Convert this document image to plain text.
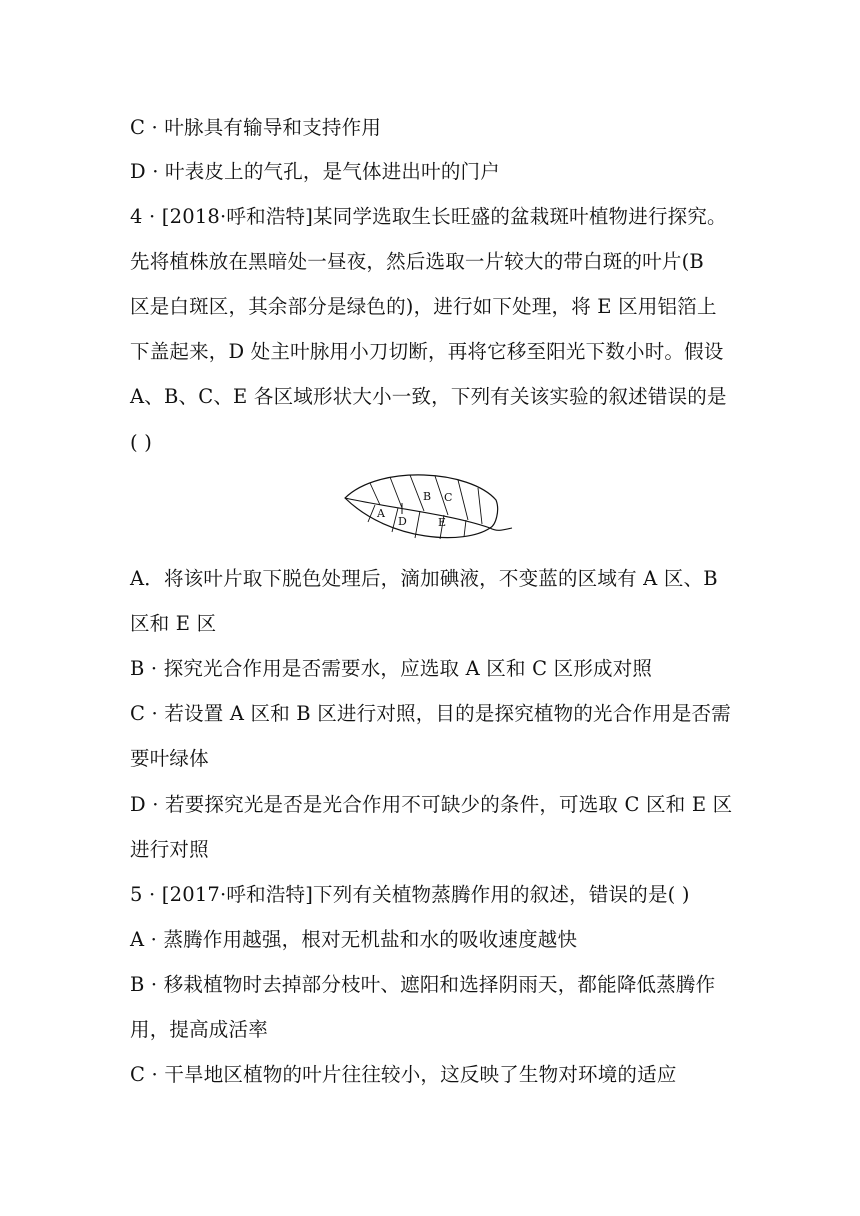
C · 叶脉具有输导和支持作用
D · 叶表皮上的气孔，是气体进出叶的门户
4 · [2018·呼和浩特]某同学选取生长旺盛的盆栽斑叶植物进行探究。
先将植株放在黑暗处一昼夜，然后选取一片较大的带白斑的叶片(B
区是白斑区，其余部分是绿色的)，进行如下处理，将 E 区用铝箔上
下盖起来，D 处主叶脉用小刀切断，再将它移至阳光下数小时。假设
A、B、C、E 各区域形状大小一致，下列有关该实验的叙述错误的是
( )
A
B C
D	E
A．将该叶片取下脱色处理后，滴加碘液，不变蓝的区域有 A 区、B
区和 E 区
B · 探究光合作用是否需要水，应选取 A 区和 C 区形成对照
C · 若设置 A 区和 B 区进行对照，目的是探究植物的光合作用是否需
要叶绿体
D · 若要探究光是否是光合作用不可缺少的条件，可选取 C 区和 E 区
进行对照
5 · [2017·呼和浩特]下列有关植物蒸腾作用的叙述，错误的是( )
A · 蒸腾作用越强，根对无机盐和水的吸收速度越快
B · 移栽植物时去掉部分枝叶、遮阳和选择阴雨天，都能降低蒸腾作
用，提高成活率
C · 干旱地区植物的叶片往往较小，这反映了生物对环境的适应
